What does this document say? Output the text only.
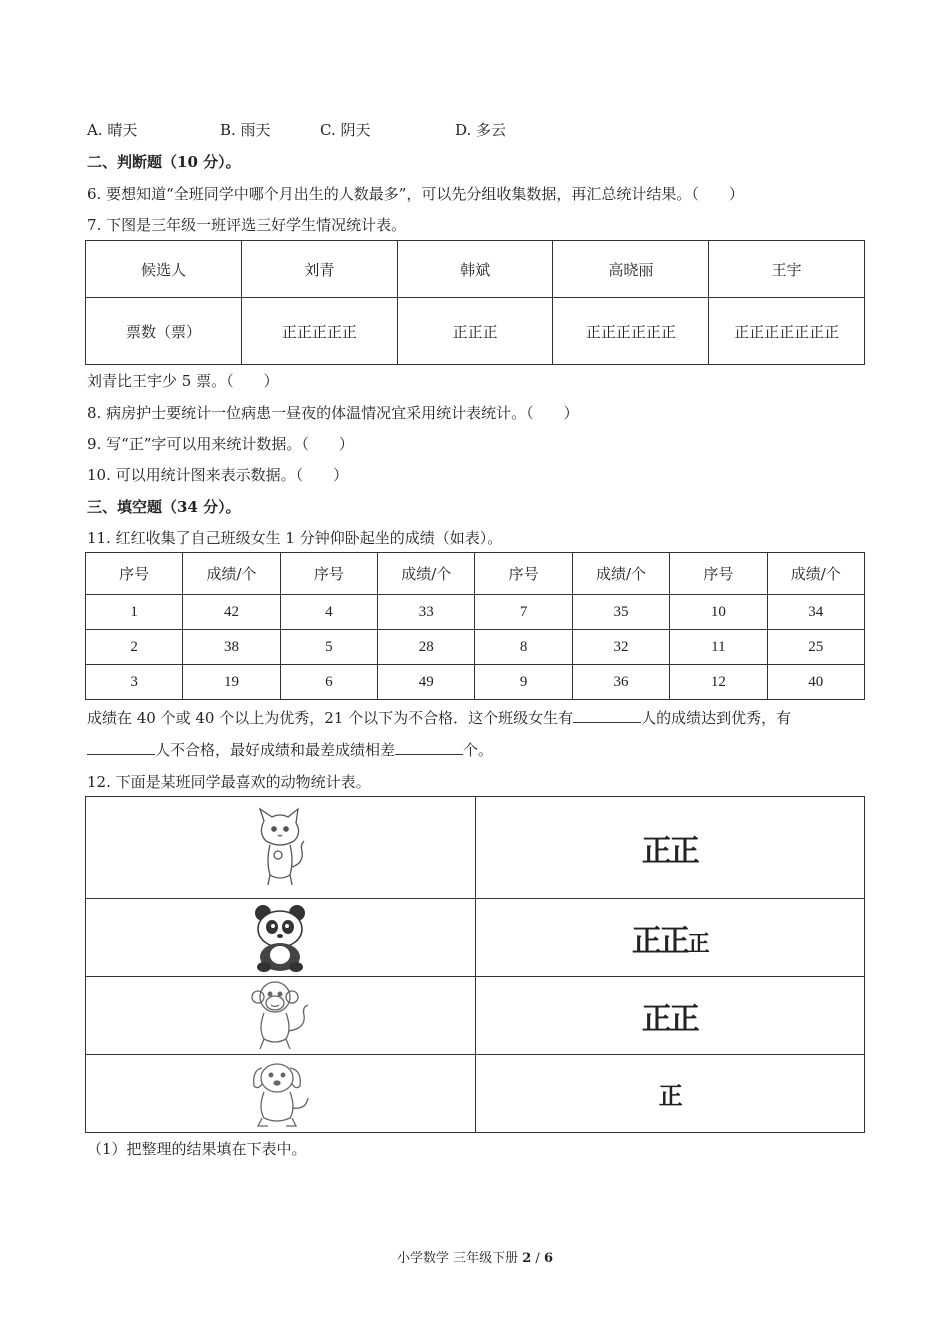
A. 晴天	B. 雨天	C. 阴天	D. 多云
二、判断题（10 分）。
6. 要想知道“全班同学中哪个月出生的人数最多”，可以先分组收集数据，再汇总统计结果。（　　）
7. 下图是三年级一班评选三好学生情况统计表。
候选人	刘青	韩斌	高晓丽	王宇
票数（票）	正正正正正	正正正	正正正正正正	正正正正正正正
刘青比王宇少 5 票。（　　）
8. 病房护士要统计一位病患一昼夜的体温情况宜采用统计表统计。（　　）
9. 写“正”字可以用来统计数据。（　　）
10. 可以用统计图来表示数据。（　　）
三、填空题（34 分）。
11. 红红收集了自己班级女生 1 分钟仰卧起坐的成绩（如表）。
序号	成绩/个	序号	成绩/个	序号	成绩/个	序号	成绩/个
1	42	4	33	7	35	10	34
2	38	5	28	8	32	11	25
3	19	6	49	9	36	12	40
成绩在 40 个或 40 个以上为优秀，21 个以下为不合格．这个班级女生有	人的成绩达到优秀，有
人不合格，最好成绩和最差成绩相差	个。
12. 下面是某班同学最喜欢的动物统计表。
	正正

	正正正

	正正

	正
（1）把整理的结果填在下表中。
小学数学 三年级下册 2 / 6
